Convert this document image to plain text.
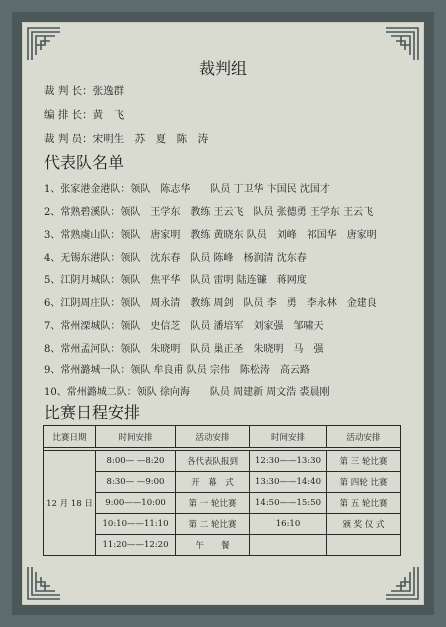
裁判组
裁 判 长：张逸群
编 排 长：黄　飞
裁 判 员：宋明生　苏　夏　陈　涛
代表队名单
1、张家港金港队：领队　陈志华　　队员 丁卫华 卞国民 沈国才
2、常熟碧溪队：领队　王学东　教练 王云飞　队员 张德勇 王学东 王云飞
3、常熟虞山队：领队　唐家明　教练 黄晓东 队员　刘峰　祁国华　唐家明
4、无锡东港队：领队　沈东春　队员 陈峰　杨润清 沈东春
5、江阴月城队：领队　焦平华　队员 雷明 陆连镰　蒋网度
6、江阴周庄队：领队　周永清　教练 周剑　队员 李　勇　李永林　金建良
7、常州溧城队：领队　史信芝　队员 潘培军　刘家强　邹啸天
8、常州孟河队：领队　朱晓明　队员 巢正圣　朱晓明　马　强
9、常州潞城一队：领队 牟良甫 队员 宗伟　陈松涛　高云路
10、常州潞城二队：领队 徐向海　　队员 周建新 周文浩 裘晨刚
比赛日程安排
比赛日期	时间安排	活动安排	时间安排	活动安排

12 月 18 日	8:00— —8:20	各代表队报到	12:30——13:30	第 三 轮比赛
	8:30— —9:00	开　幕　式	13:30——14:40	第 四轮 比赛
	9:00——10:00	第 一 轮比赛	14:50——15:50	第 五 轮比赛
	10:10——11:10	第 二 轮比赛	16:10	颁 奖 仪 式
	11:20——12:20	午　　餐		
